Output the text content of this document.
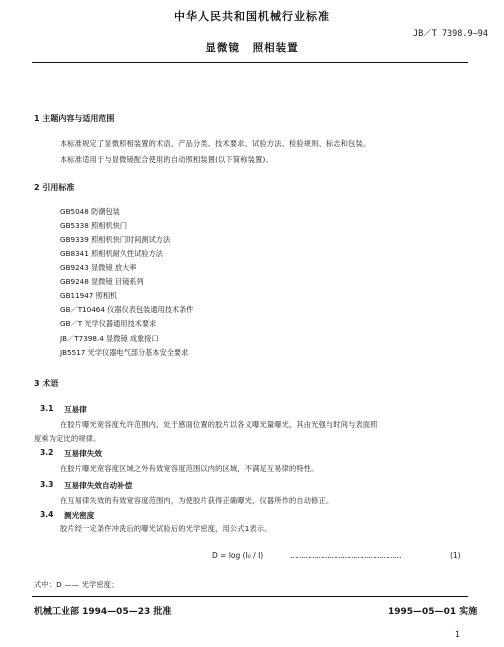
中华人民共和国机械行业标准
JB／T 7398.9—94
显微镜 照相装置
1 主题内容与适用范围
本标准规定了显微照相装置的术语、产品分类、技术要求、试验方法、检验规则、标志和包装。
本标准适用于与显微镜配合使用的自动照相装置(以下简称装置)。
2 引用标准
GB5048 防潮包装
GB5338 照相机快门
GB9339 照相机快门时间测试方法
GB8341 照相机耐久性试验方法
GB9243 显微镜 放大率
GB9248 显微镜 目镜系列
GB11947 照相机
GB／T10464 仪器仪表包装通用技术条件
GB／T 光学仪器通用技术要求
JB／T7398.4 显微镜 成象接口
JB5517 光学仪器电气部分基本安全要求
3 术语
3.1 互易律
在胶片曝光宽容度允许范围内，处于感面位置的胶片以各义曝光量曝光，其由光强与时间与表面照
度乘为定比的规律。
3.2 互易律失效
在胶片曝光宽容度区域之外有效宽容度范围以内的区域，不满足互易律的特性。
3.3 互易律失效自动补偿
在互易律失效的有效宽容度范围内，为使胶片获得正确曝光，仪器所作的自动修正。
3.4 测光密度
胶片经一定条件冲洗后的曝光试验后的光学密度，用公式1表示。
D = log (I₀ / I)	……………………………………………	(1)
式中：D —— 光学密度；
机械工业部 1994—05—23 批准	1995—05—01 实施
1
